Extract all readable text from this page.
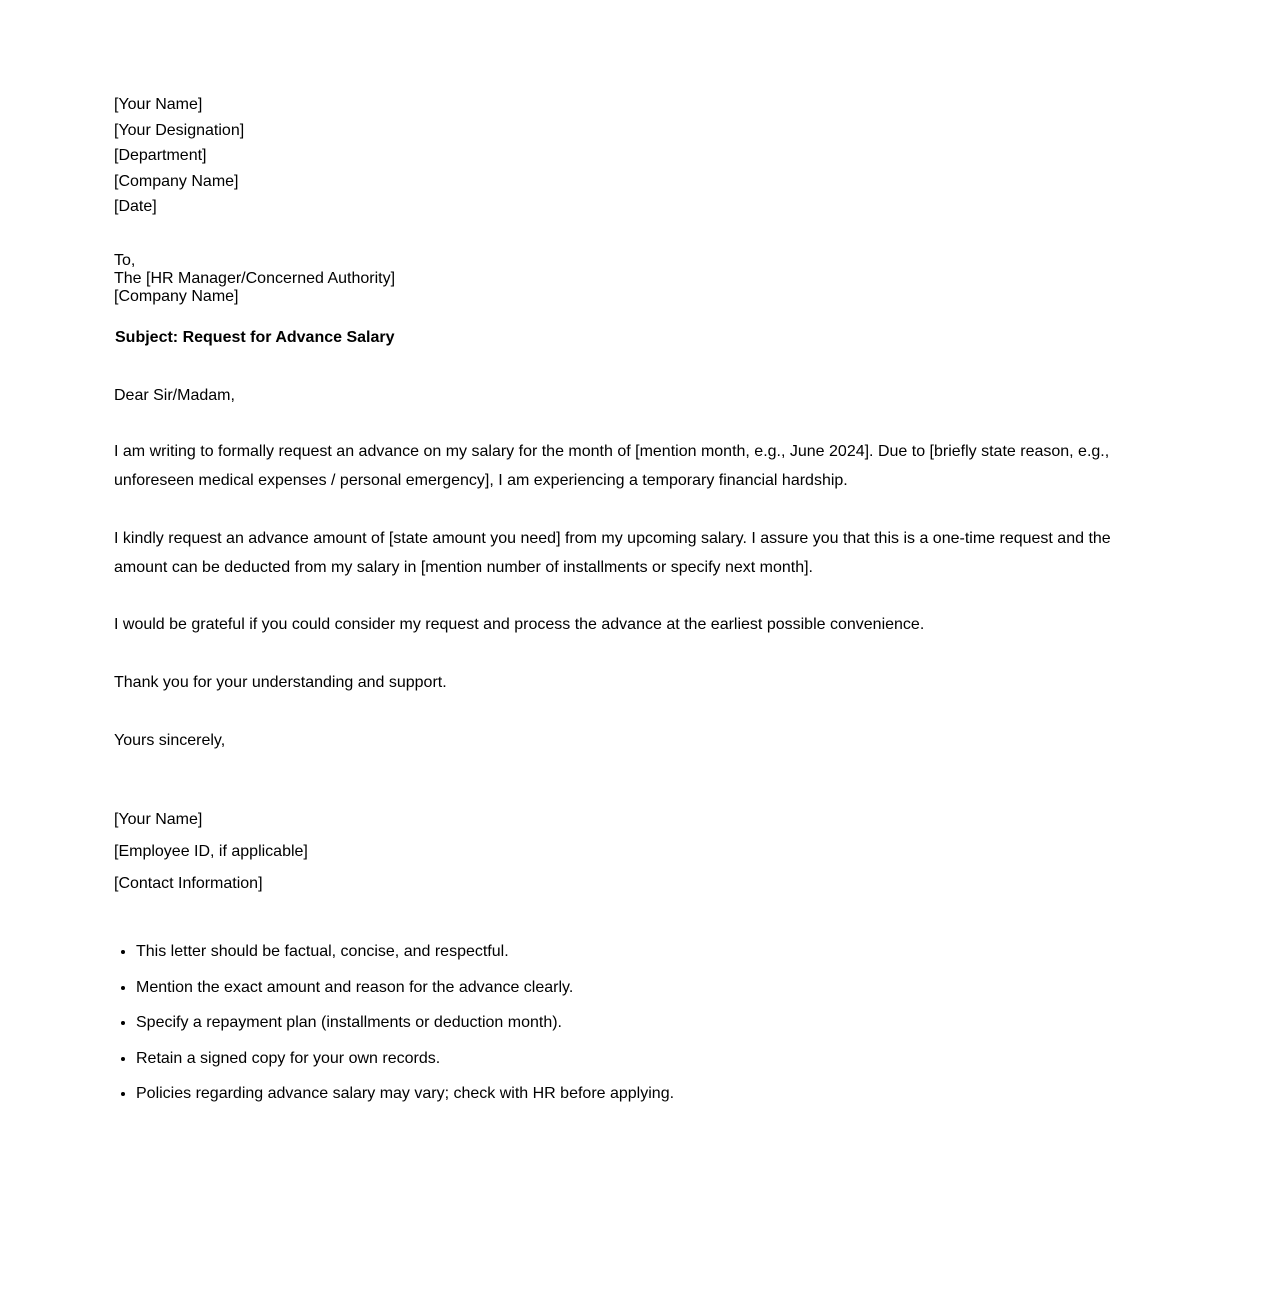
[Your Name]
[Your Designation]
[Department]
[Company Name]
[Date]
To,
The [HR Manager/Concerned Authority]
[Company Name]
Subject: Request for Advance Salary
Dear Sir/Madam,
I am writing to formally request an advance on my salary for the month of [mention month, e.g., June 2024]. Due to [briefly state reason, e.g., unforeseen medical expenses / personal emergency], I am experiencing a temporary financial hardship.
I kindly request an advance amount of [state amount you need] from my upcoming salary. I assure you that this is a one-time request and the amount can be deducted from my salary in [mention number of installments or specify next month].
I would be grateful if you could consider my request and process the advance at the earliest possible convenience.
Thank you for your understanding and support.
Yours sincerely,
[Your Name]
[Employee ID, if applicable]
[Contact Information]
• This letter should be factual, concise, and respectful.
• Mention the exact amount and reason for the advance clearly.
• Specify a repayment plan (installments or deduction month).
• Retain a signed copy for your own records.
• Policies regarding advance salary may vary; check with HR before applying.
